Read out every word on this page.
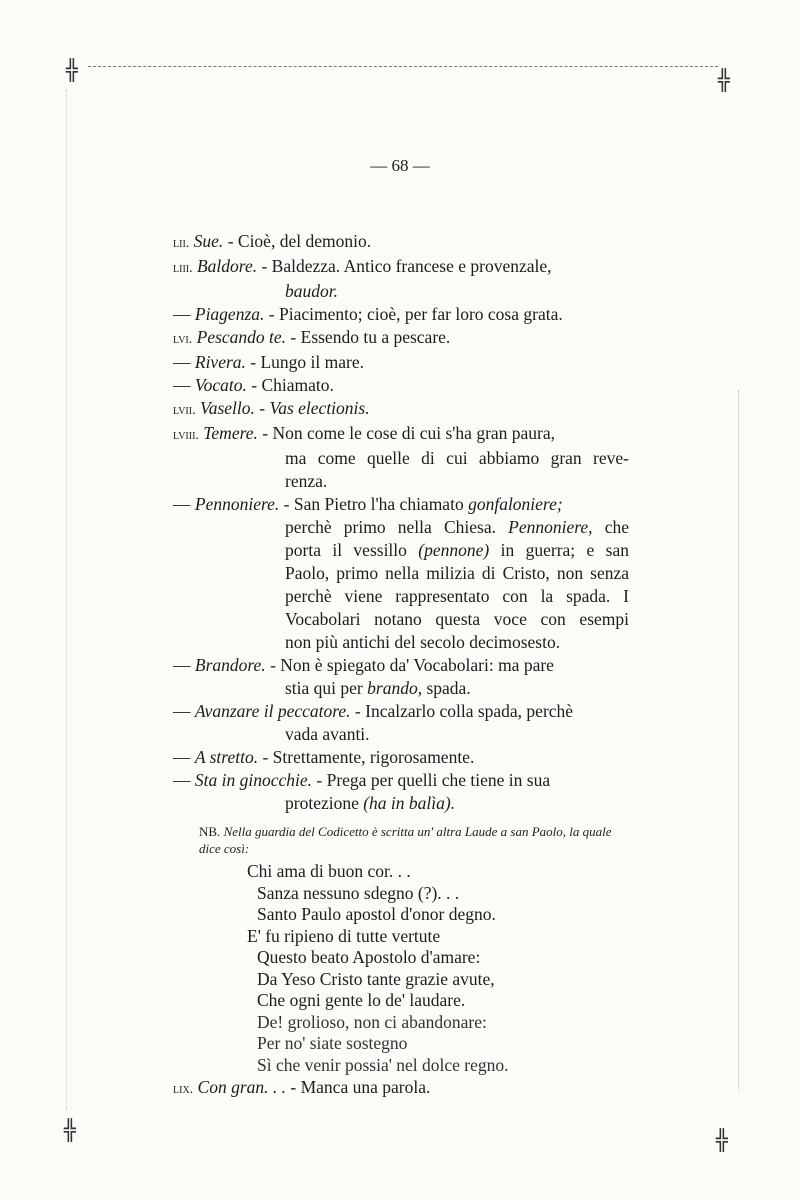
╬	╬
╬	╬
— 68 —
lii. Sue. - Cioè, del demonio.
liii. Baldore. - Baldezza. Antico francese e provenzale,
baudor.
— Piagenza. - Piacimento; cioè, per far loro cosa grata.
lvi. Pescando te. - Essendo tu a pescare.
— Rivera. - Lungo il mare.
— Vocato. - Chiamato.
lvii. Vasello. - Vas electionis.
lviii. Temere. - Non come le cose di cui s'ha gran paura,
ma come quelle di cui abbiamo gran reve-
renza.
— Pennoniere. - San Pietro l'ha chiamato gonfaloniere;
perchè primo nella Chiesa. Pennoniere, che
porta il vessillo (pennone) in guerra; e san
Paolo, primo nella milizia di Cristo, non senza
perchè viene rappresentato con la spada. I
Vocabolari notano questa voce con esempi
non più antichi del secolo decimosesto.
— Brandore. - Non è spiegato da' Vocabolari: ma pare
stia qui per brando, spada.
— Avanzare il peccatore. - Incalzarlo colla spada, perchè
vada avanti.
— A stretto. - Strettamente, rigorosamente.
— Sta in ginocchie. - Prega per quelli che tiene in sua
protezione (ha in balìa).
NB. Nella guardia del Codicetto è scritta un' altra Laude a san Paolo, la quale dice così:
Chi ama di buon cor. . .
Sanza nessuno sdegno (?). . .
Santo Paulo apostol d'onor degno.
E' fu ripieno di tutte vertute
Questo beato Apostolo d'amare:
Da Yeso Cristo tante grazie avute,
Che ogni gente lo de' laudare.
De! grolioso, non ci abandonare:
Per no' siate sostegno
Sì che venir possia' nel dolce regno.
lix. Con gran. . . - Manca una parola.
